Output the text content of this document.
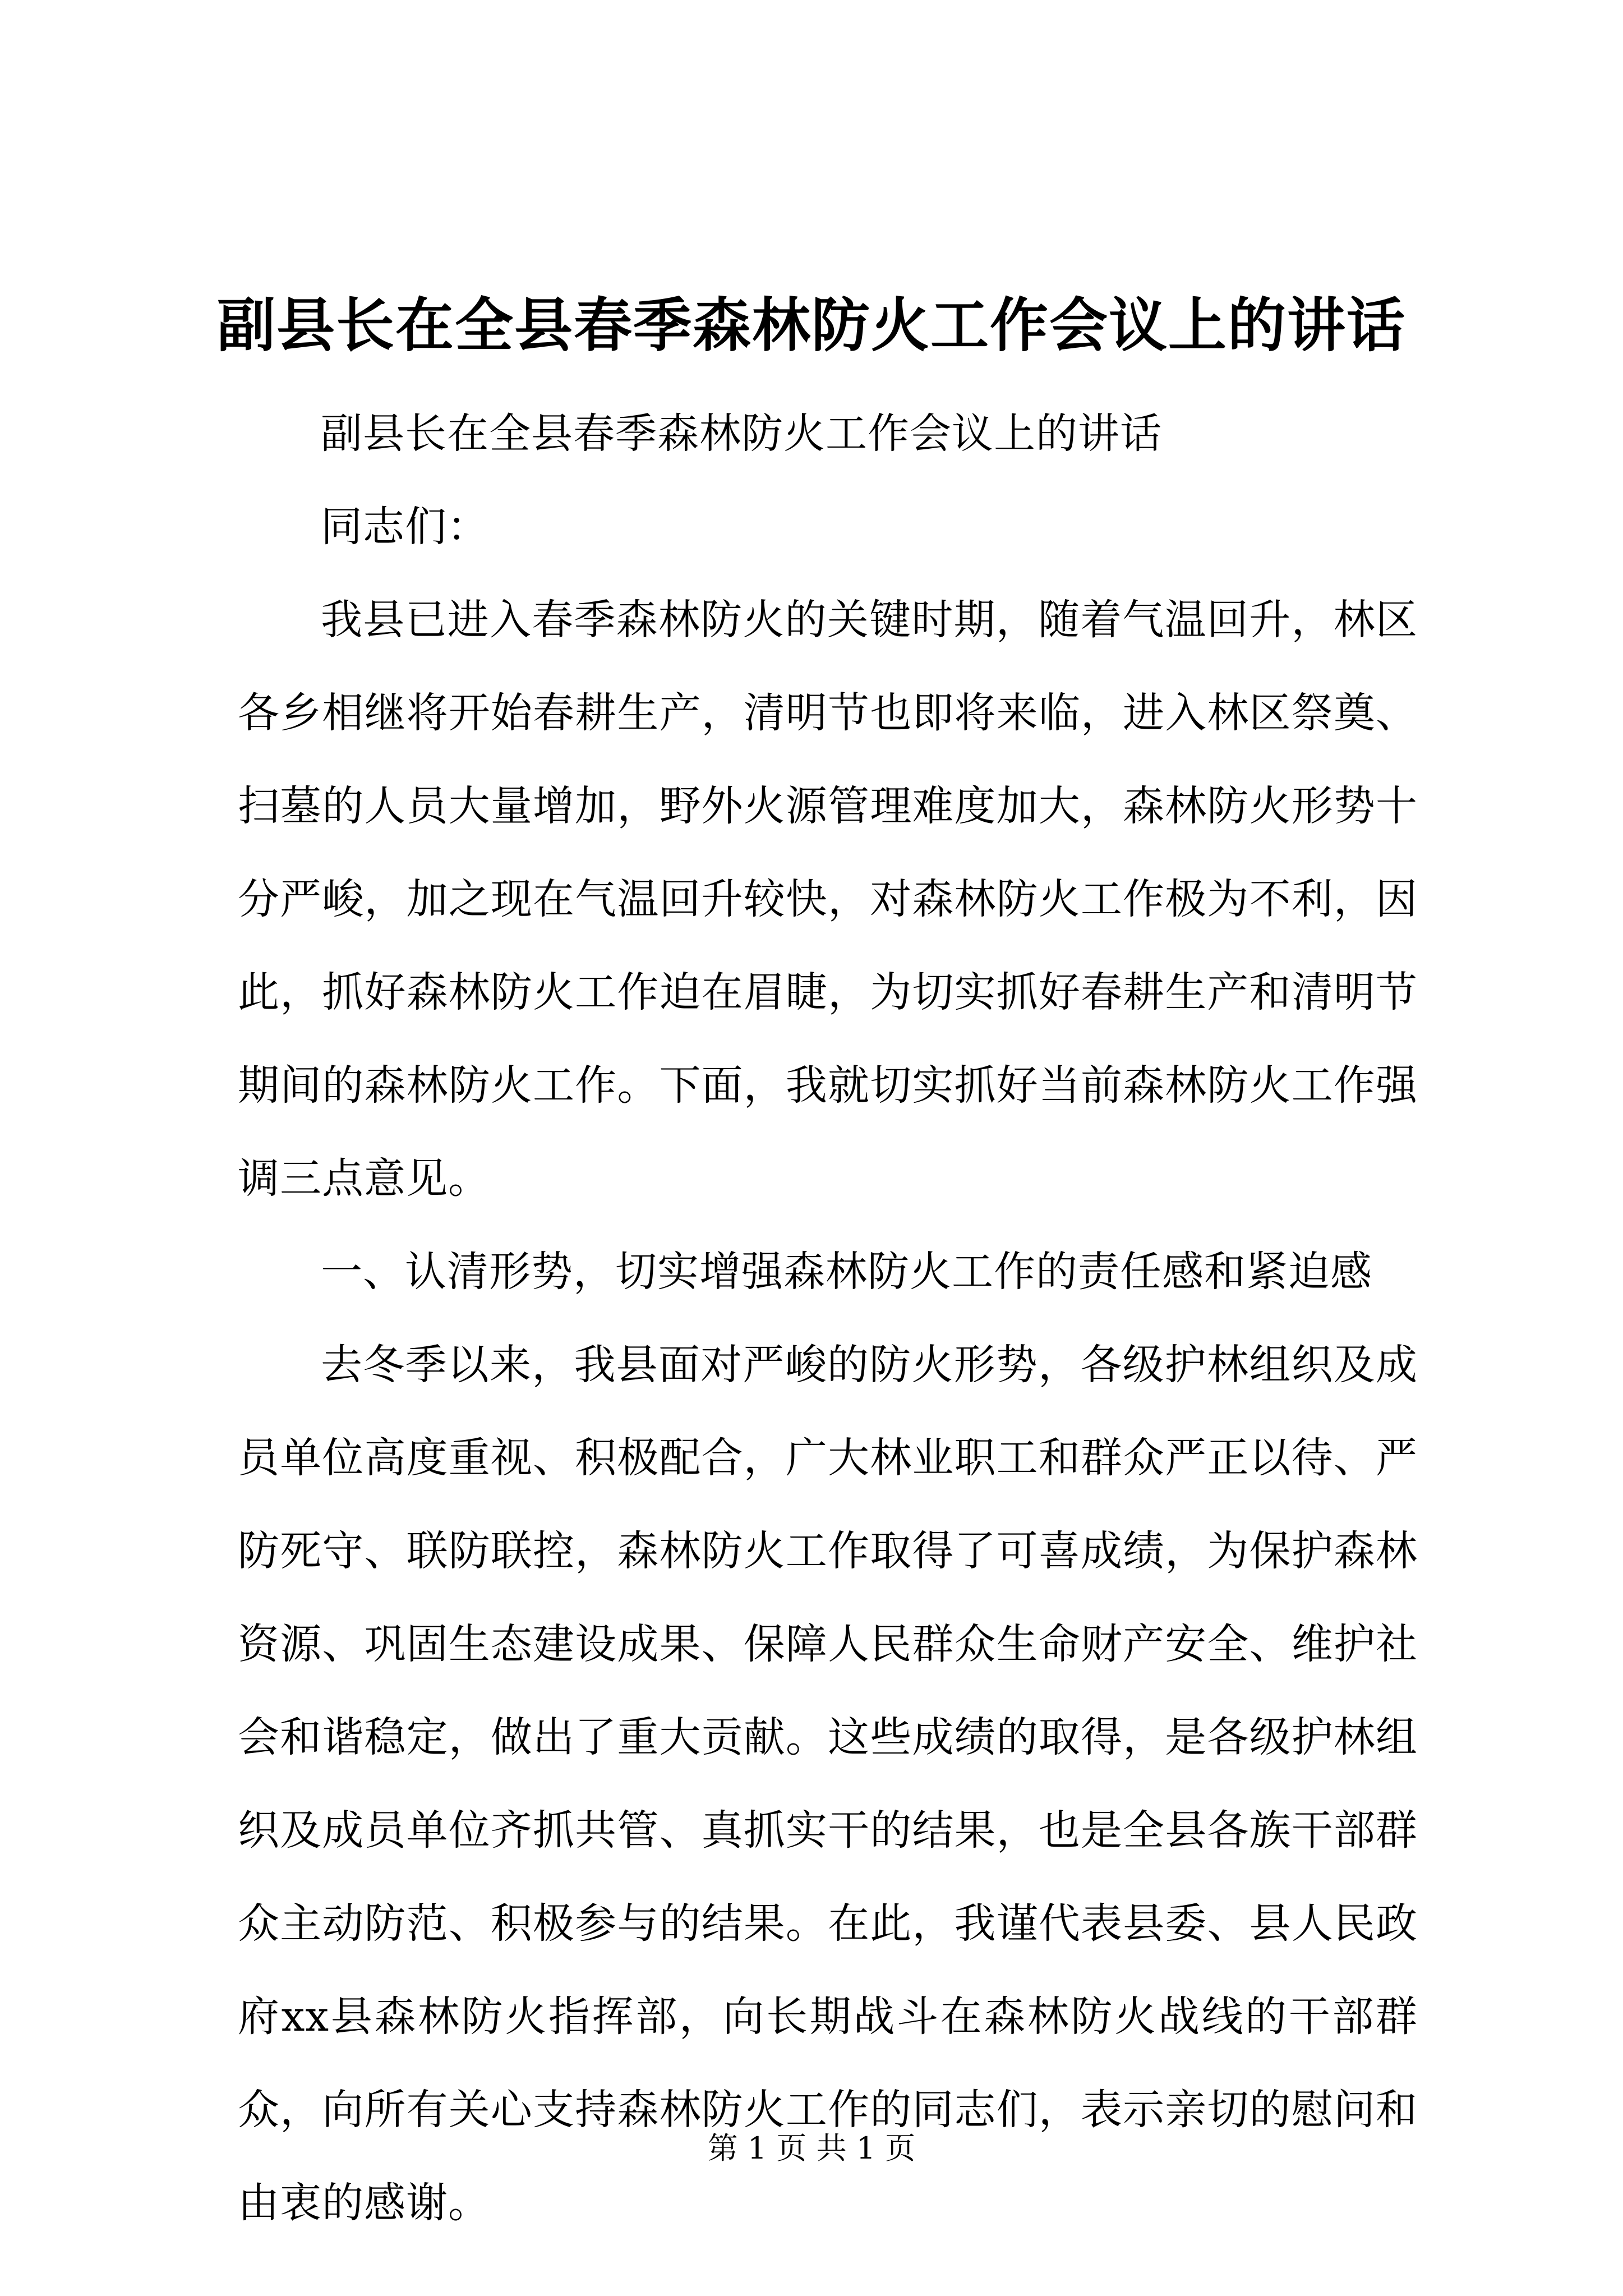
副县长在全县春季森林防火工作会议上的讲话

副县长在全县春季森林防火工作会议上的讲话

同志们：

我县已进入春季森林防火的关键时期，随着气温回升，林区各乡相继将开始春耕生产，清明节也即将来临，进入林区祭奠、扫墓的人员大量增加，野外火源管理难度加大，森林防火形势十分严峻，加之现在气温回升较快，对森林防火工作极为不利，因此，抓好森林防火工作迫在眉睫，为切实抓好春耕生产和清明节期间的森林防火工作。下面，我就切实抓好当前森林防火工作强调三点意见。

一、认清形势，切实增强森林防火工作的责任感和紧迫感

去冬季以来，我县面对严峻的防火形势，各级护林组织及成员单位高度重视、积极配合，广大林业职工和群众严正以待、严防死守、联防联控，森林防火工作取得了可喜成绩，为保护森林资源、巩固生态建设成果、保障人民群众生命财产安全、维护社会和谐稳定，做出了重大贡献。这些成绩的取得，是各级护林组织及成员单位齐抓共管、真抓实干的结果，也是全县各族干部群众主动防范、积极参与的结果。在此，我谨代表县委、县人民政府xx县森林防火指挥部，向长期战斗在森林防火战线的干部群众，向所有关心支持森林防火工作的同志们，表示亲切的慰问和由衷的感谢。

第 1 页 共 1 页
